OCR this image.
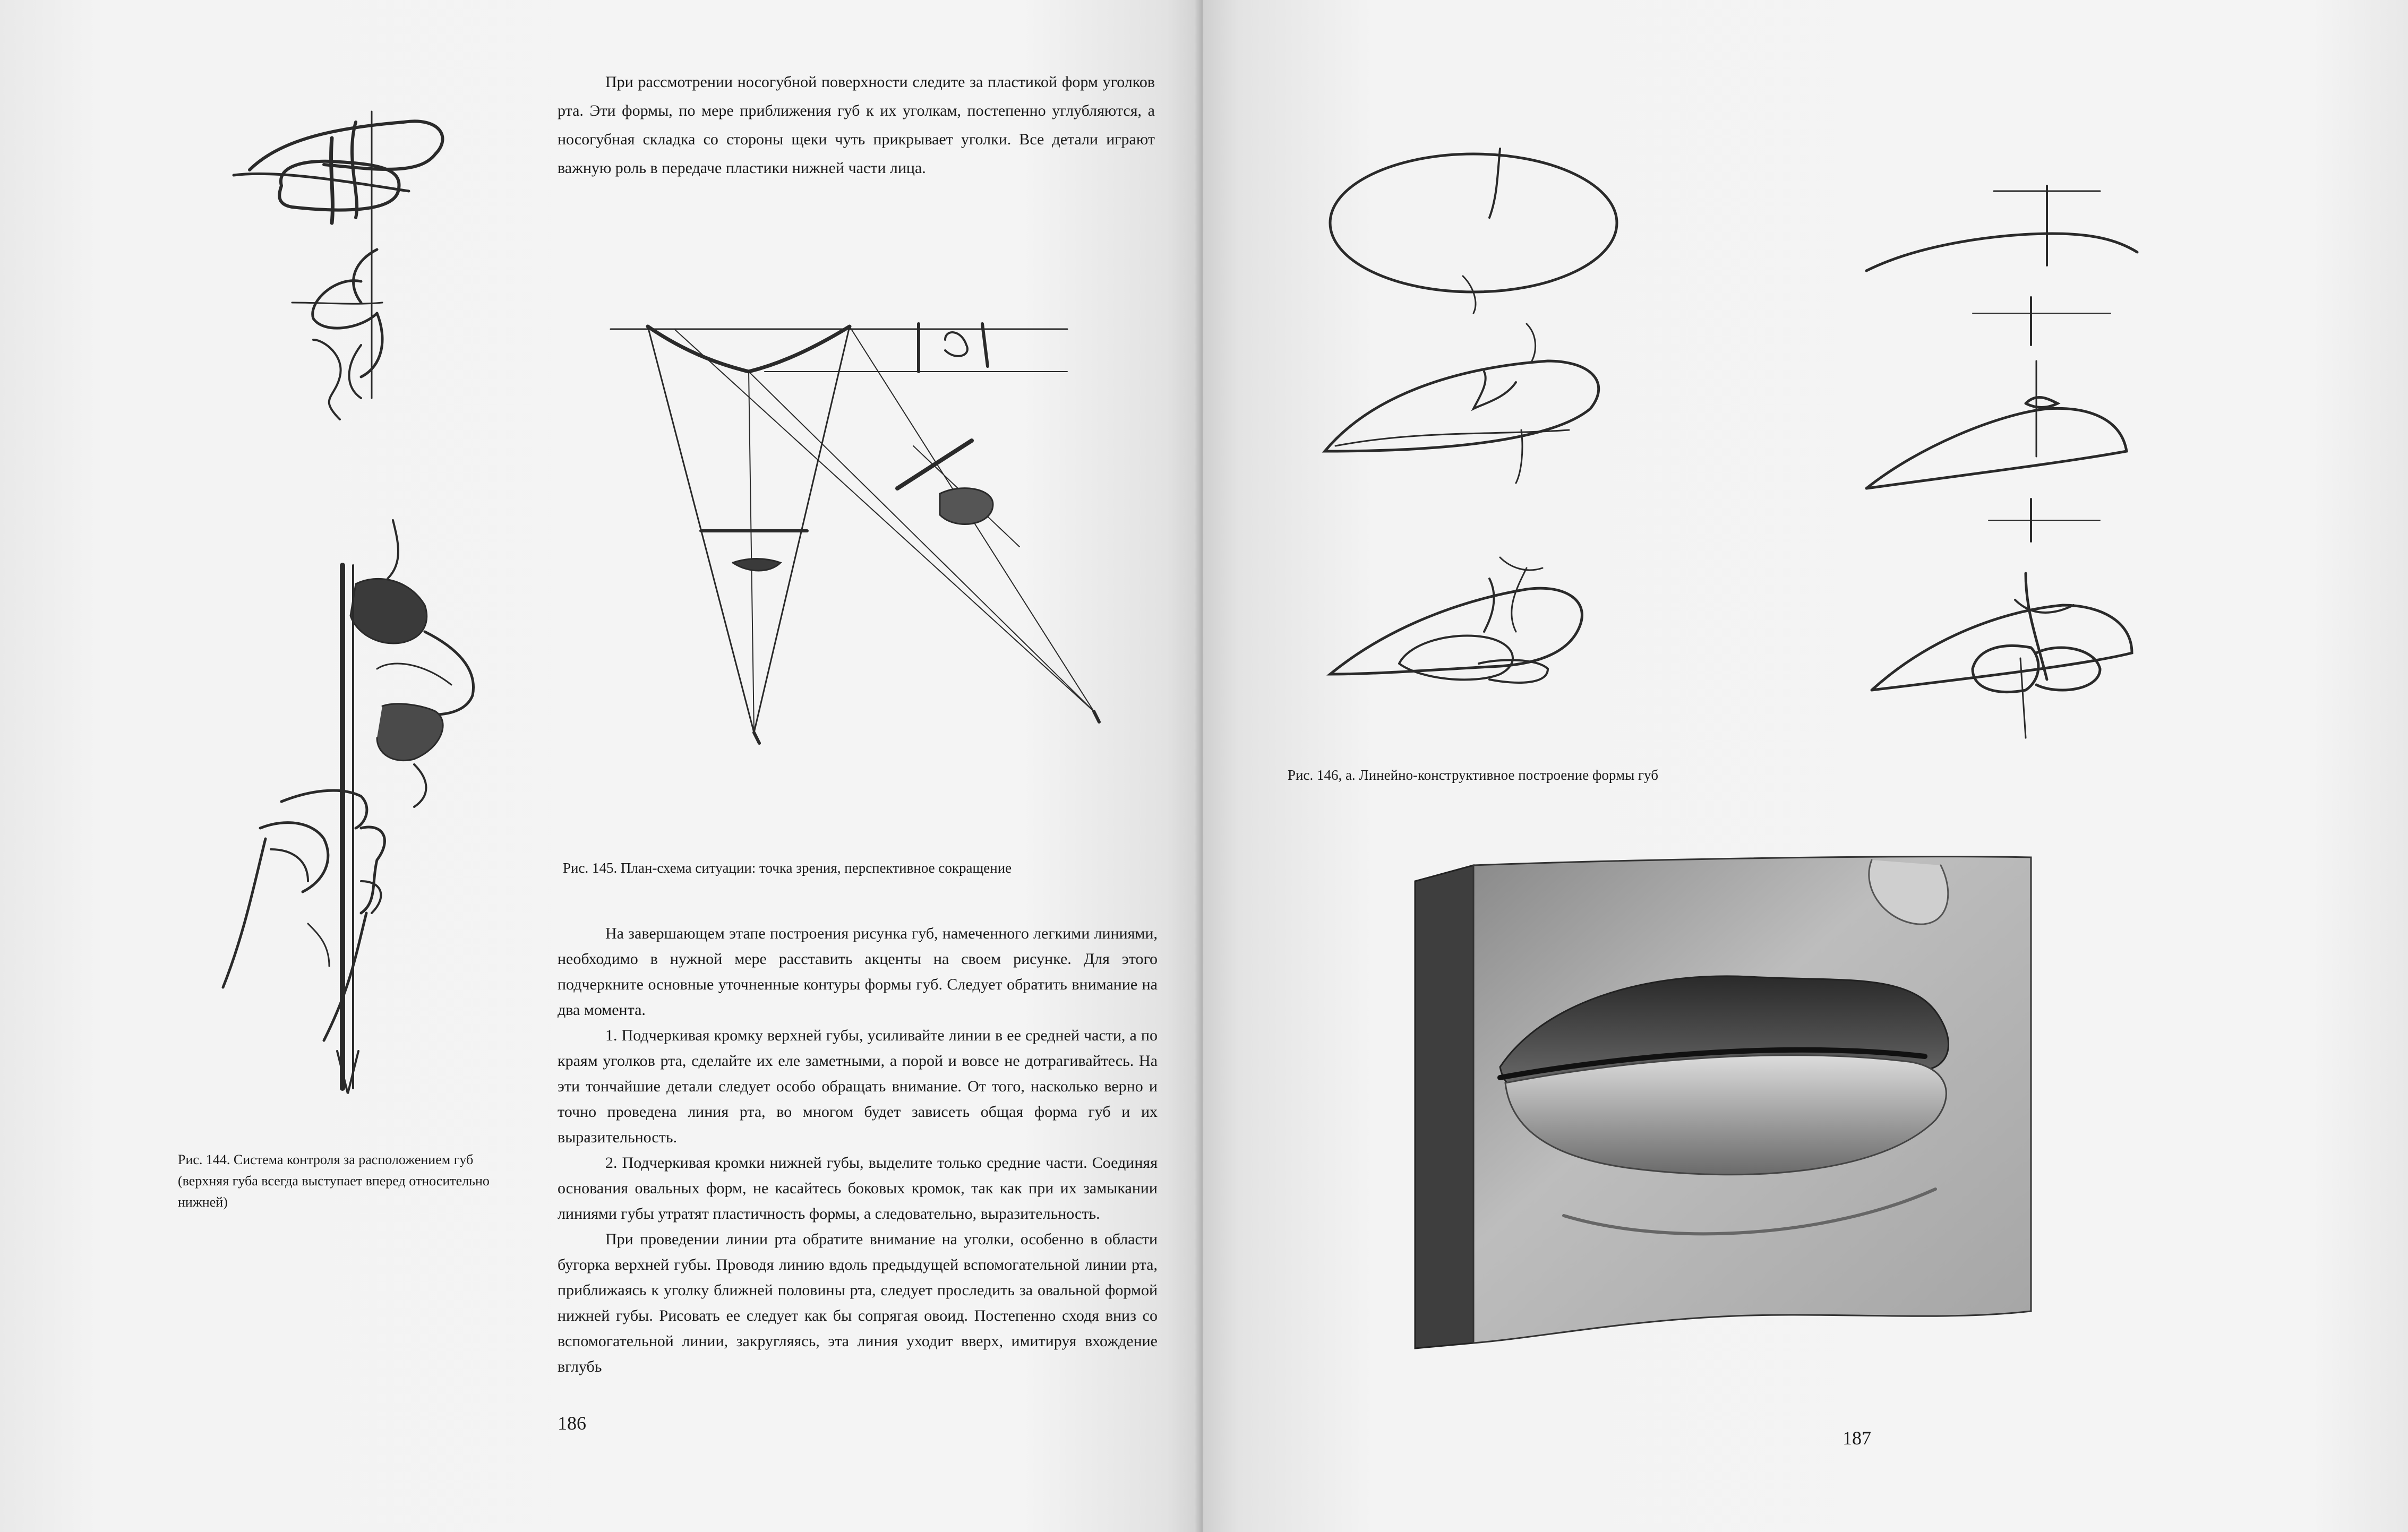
При рассмотрении носогубной поверхности следите за пластикой форм уголков рта. Эти формы, по мере приближения губ к их уголкам, постепенно углубляются, а носогубная складка со стороны щеки чуть прикрывает уголки. Все детали играют важную роль в передаче пластики нижней части лица.

Рис. 145. План-схема ситуации: точка зрения, перспективное сокращение
Рис. 144. Система контроля за расположением губ (верхняя губа всегда выступает вперед относительно нижней)

На завершающем этапе построения рисунка губ, намеченного легкими линиями, необходимо в нужной мере расставить акценты на своем рисунке. Для этого подчеркните основные уточненные контуры формы губ. Следует обратить внимание на два момента.

1. Подчеркивая кромку верхней губы, усиливайте линии в ее средней части, а по краям уголков рта, сделайте их еле заметными, а порой и вовсе не дотрагивайтесь. На эти тончайшие детали следует особо обращать внимание. От того, насколько верно и точно проведена линия рта, во многом будет зависеть общая форма губ и их выразительность.

2. Подчеркивая кромки нижней губы, выделите только средние части. Соединяя основания овальных форм, не касайтесь боковых кромок, так как при их замыкании линиями губы утратят пластичность формы, а следовательно, выразительность.

При проведении линии рта обратите внимание на уголки, особенно в области бугорка верхней губы. Проводя линию вдоль предыдущей вспомогательной линии рта, приближаясь к уголку ближней половины рта, следует проследить за овальной формой нижней губы. Рисовать ее следует как бы сопрягая овоид. Постепенно сходя вниз со вспомогательной линии, закругляясь, эта линия уходит вверх, имитируя вхождение вглубь

186
Рис. 146, а. Линейно-конструктивное построение формы губ
187
